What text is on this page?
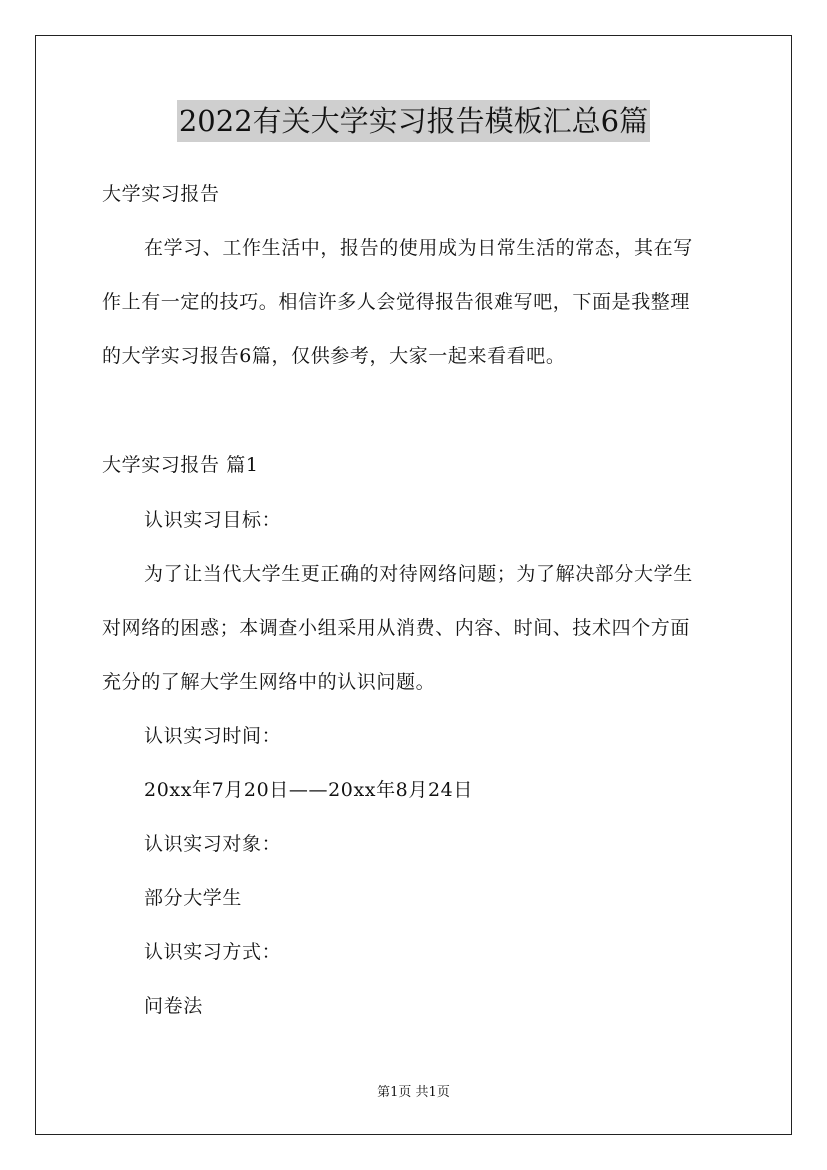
2022有关大学实习报告模板汇总6篇
大学实习报告
在学习、工作生活中，报告的使用成为日常生活的常态，其在写
作上有一定的技巧。相信许多人会觉得报告很难写吧，下面是我整理
的大学实习报告6篇，仅供参考，大家一起来看看吧。
大学实习报告 篇1
认识实习目标：
为了让当代大学生更正确的对待网络问题；为了解决部分大学生
对网络的困惑；本调查小组采用从消费、内容、时间、技术四个方面
充分的了解大学生网络中的认识问题。
认识实习时间：
20xx年7月20日——20xx年8月24日
认识实习对象：
部分大学生
认识实习方式：
问卷法
第1页 共1页
